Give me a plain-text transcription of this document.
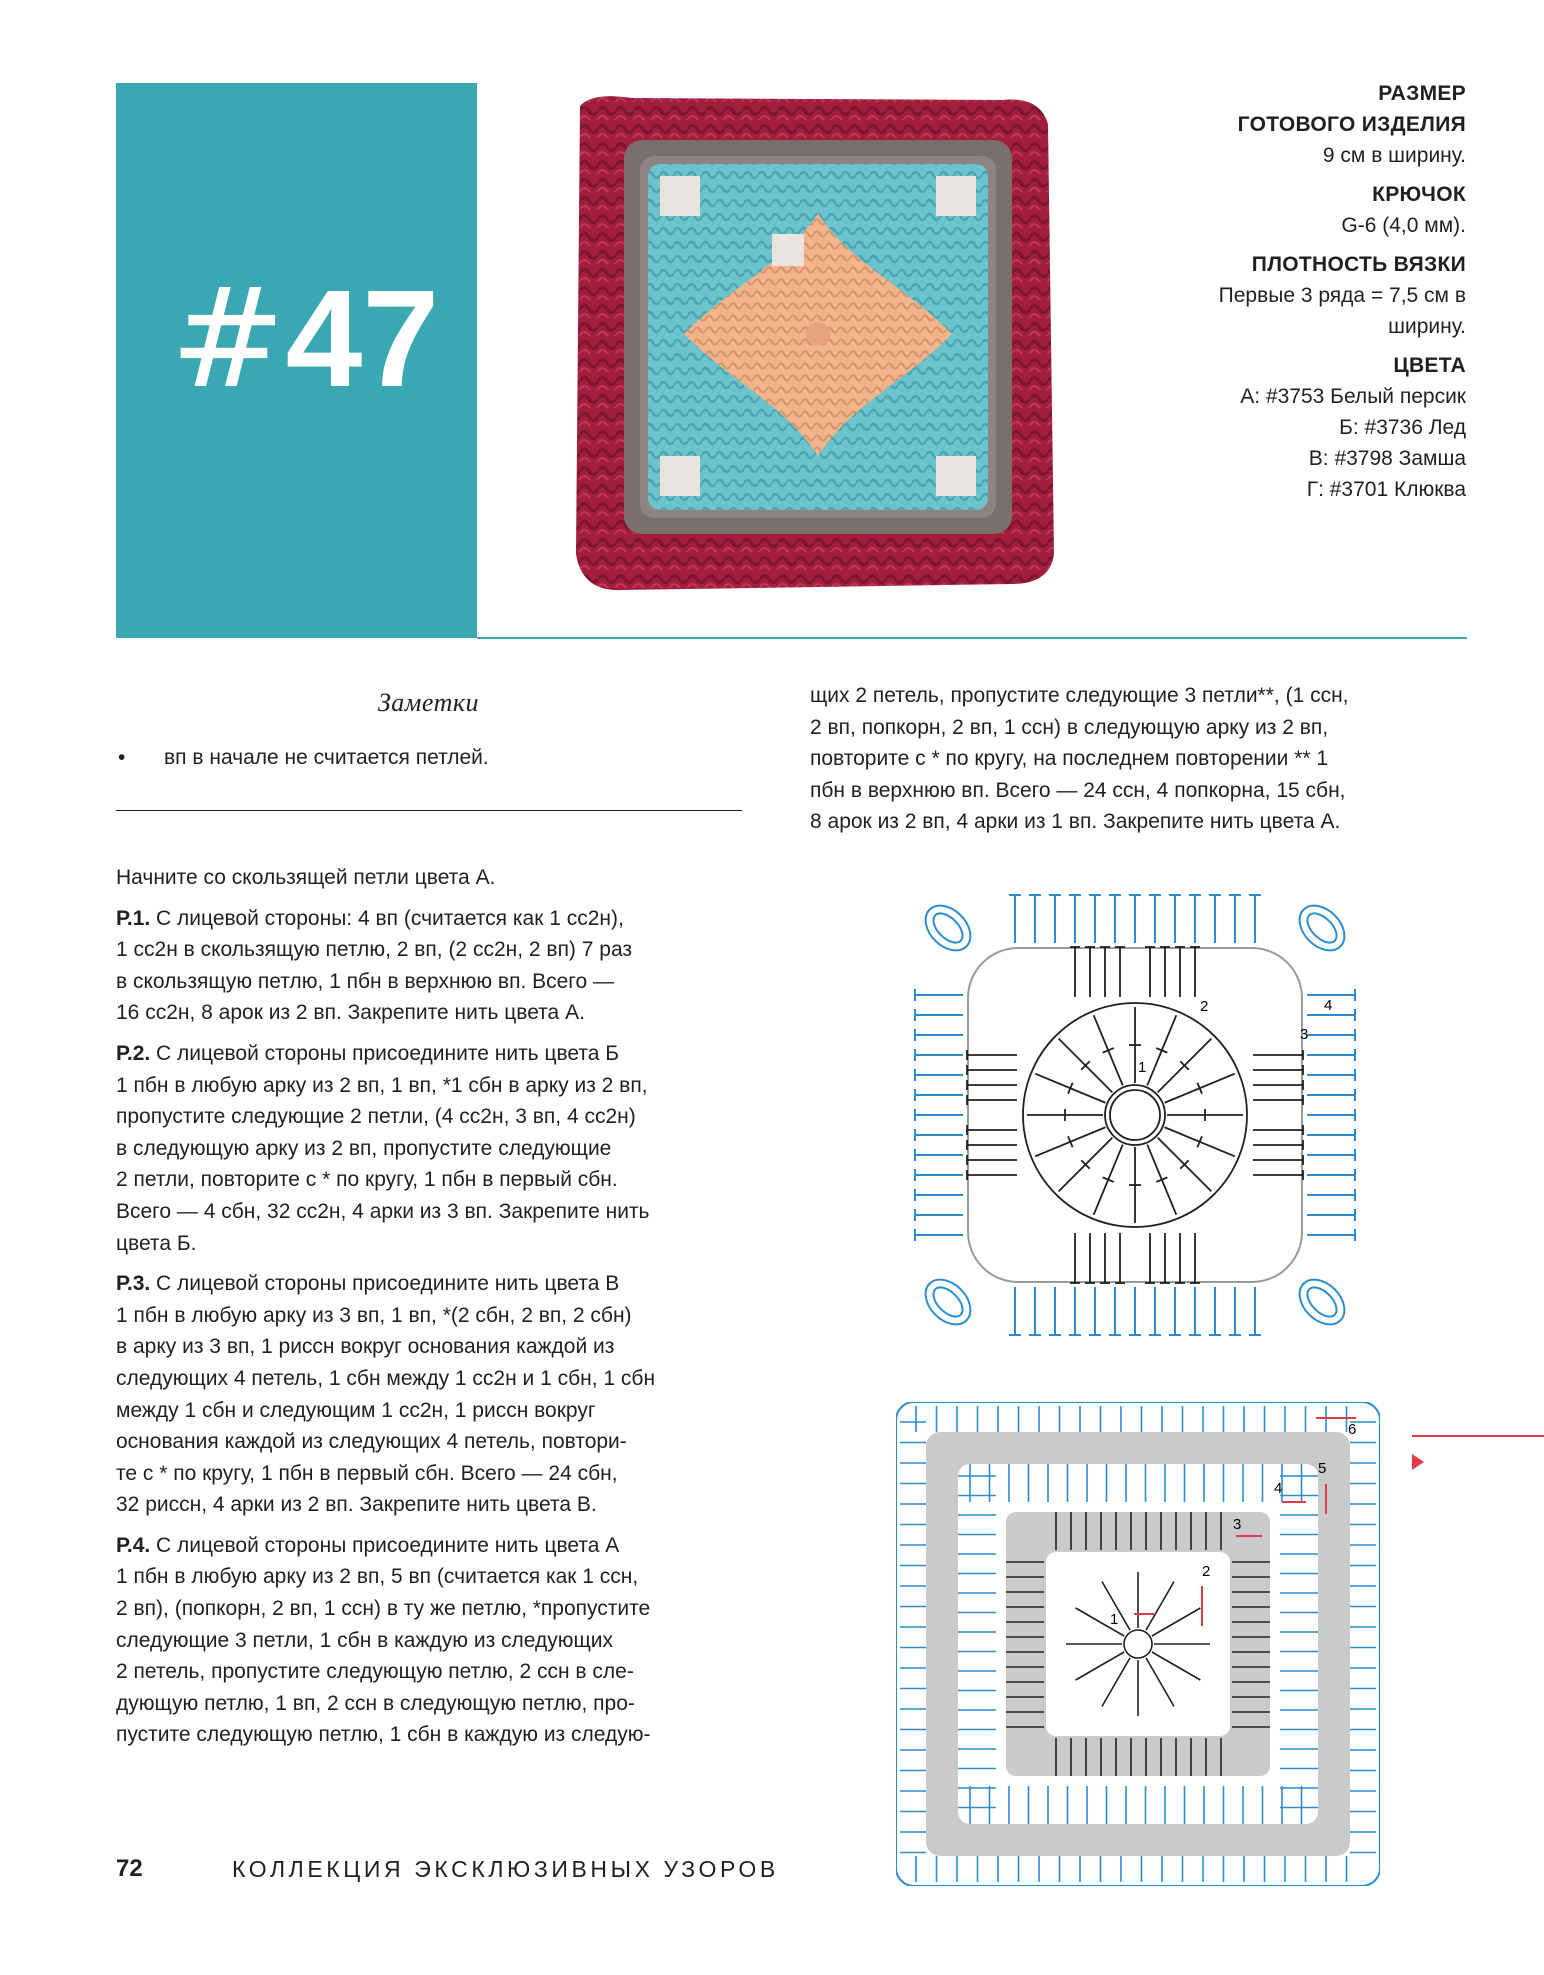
#47
РАЗМЕР
ГОТОВОГО ИЗДЕЛИЯ
9 см в ширину.
КРЮЧОК
G-6 (4,0 мм).
ПЛОТНОСТЬ ВЯЗКИ
Первые 3 ряда = 7,5 см в
ширину.
ЦВЕТА
А: #3753 Белый персик
Б: #3736 Лед
В: #3798 Замша
Г: #3701 Клюква
Заметки
• вп в начале не считается петлей.

Начните со скользящей петли цвета А.

Р.1. С лицевой стороны: 4 вп (считается как 1 сс2н),
1 сс2н в скользящую петлю, 2 вп, (2 сс2н, 2 вп) 7 раз
в скользящую петлю, 1 пбн в верхнюю вп. Всего —
16 сс2н, 8 арок из 2 вп. Закрепите нить цвета А.

Р.2. С лицевой стороны присоедините нить цвета Б
1 пбн в любую арку из 2 вп, 1 вп, *1 сбн в арку из 2 вп,
пропустите следующие 2 петли, (4 сс2н, 3 вп, 4 сс2н)
в следующую арку из 2 вп, пропустите следующие
2 петли, повторите с * по кругу, 1 пбн в первый сбн.
Всего — 4 сбн, 32 сс2н, 4 арки из 3 вп. Закрепите нить
цвета Б.

Р.3. С лицевой стороны присоедините нить цвета В
1 пбн в любую арку из 3 вп, 1 вп, *(2 сбн, 2 вп, 2 сбн)
в арку из 3 вп, 1 риссн вокруг основания каждой из
следующих 4 петель, 1 сбн между 1 сс2н и 1 сбн, 1 сбн
между 1 сбн и следующим 1 сс2н, 1 риссн вокруг
основания каждой из следующих 4 петель, повтори-
те с * по кругу, 1 пбн в первый сбн. Всего — 24 сбн,
32 риссн, 4 арки из 2 вп. Закрепите нить цвета В.

Р.4. С лицевой стороны присоедините нить цвета А
1 пбн в любую арку из 2 вп, 5 вп (считается как 1 ссн,
2 вп), (попкорн, 2 вп, 1 ссн) в ту же петлю, *пропустите
следующие 3 петли, 1 сбн в каждую из следующих
2 петель, пропустите следующую петлю, 2 ссн в сле-
дующую петлю, 1 вп, 2 ссн в следующую петлю, про-
пустите следующую петлю, 1 сбн в каждую из следую-

щих 2 петель, пропустите следующие 3 петли**, (1 ссн,
2 вп, попкорн, 2 вп, 1 ссн) в следующую арку из 2 вп,
повторите с * по кругу, на последнем повторении ** 1
пбн в верхнюю вп. Всего — 24 ссн, 4 попкорна, 15 сбн,
8 арок из 2 вп, 4 арки из 1 вп. Закрепите нить цвета А.
2
1
3
4
1
2
3
4
5
6
72	КОЛЛЕКЦИЯ ЭКСКЛЮЗИВНЫХ УЗОРОВ
